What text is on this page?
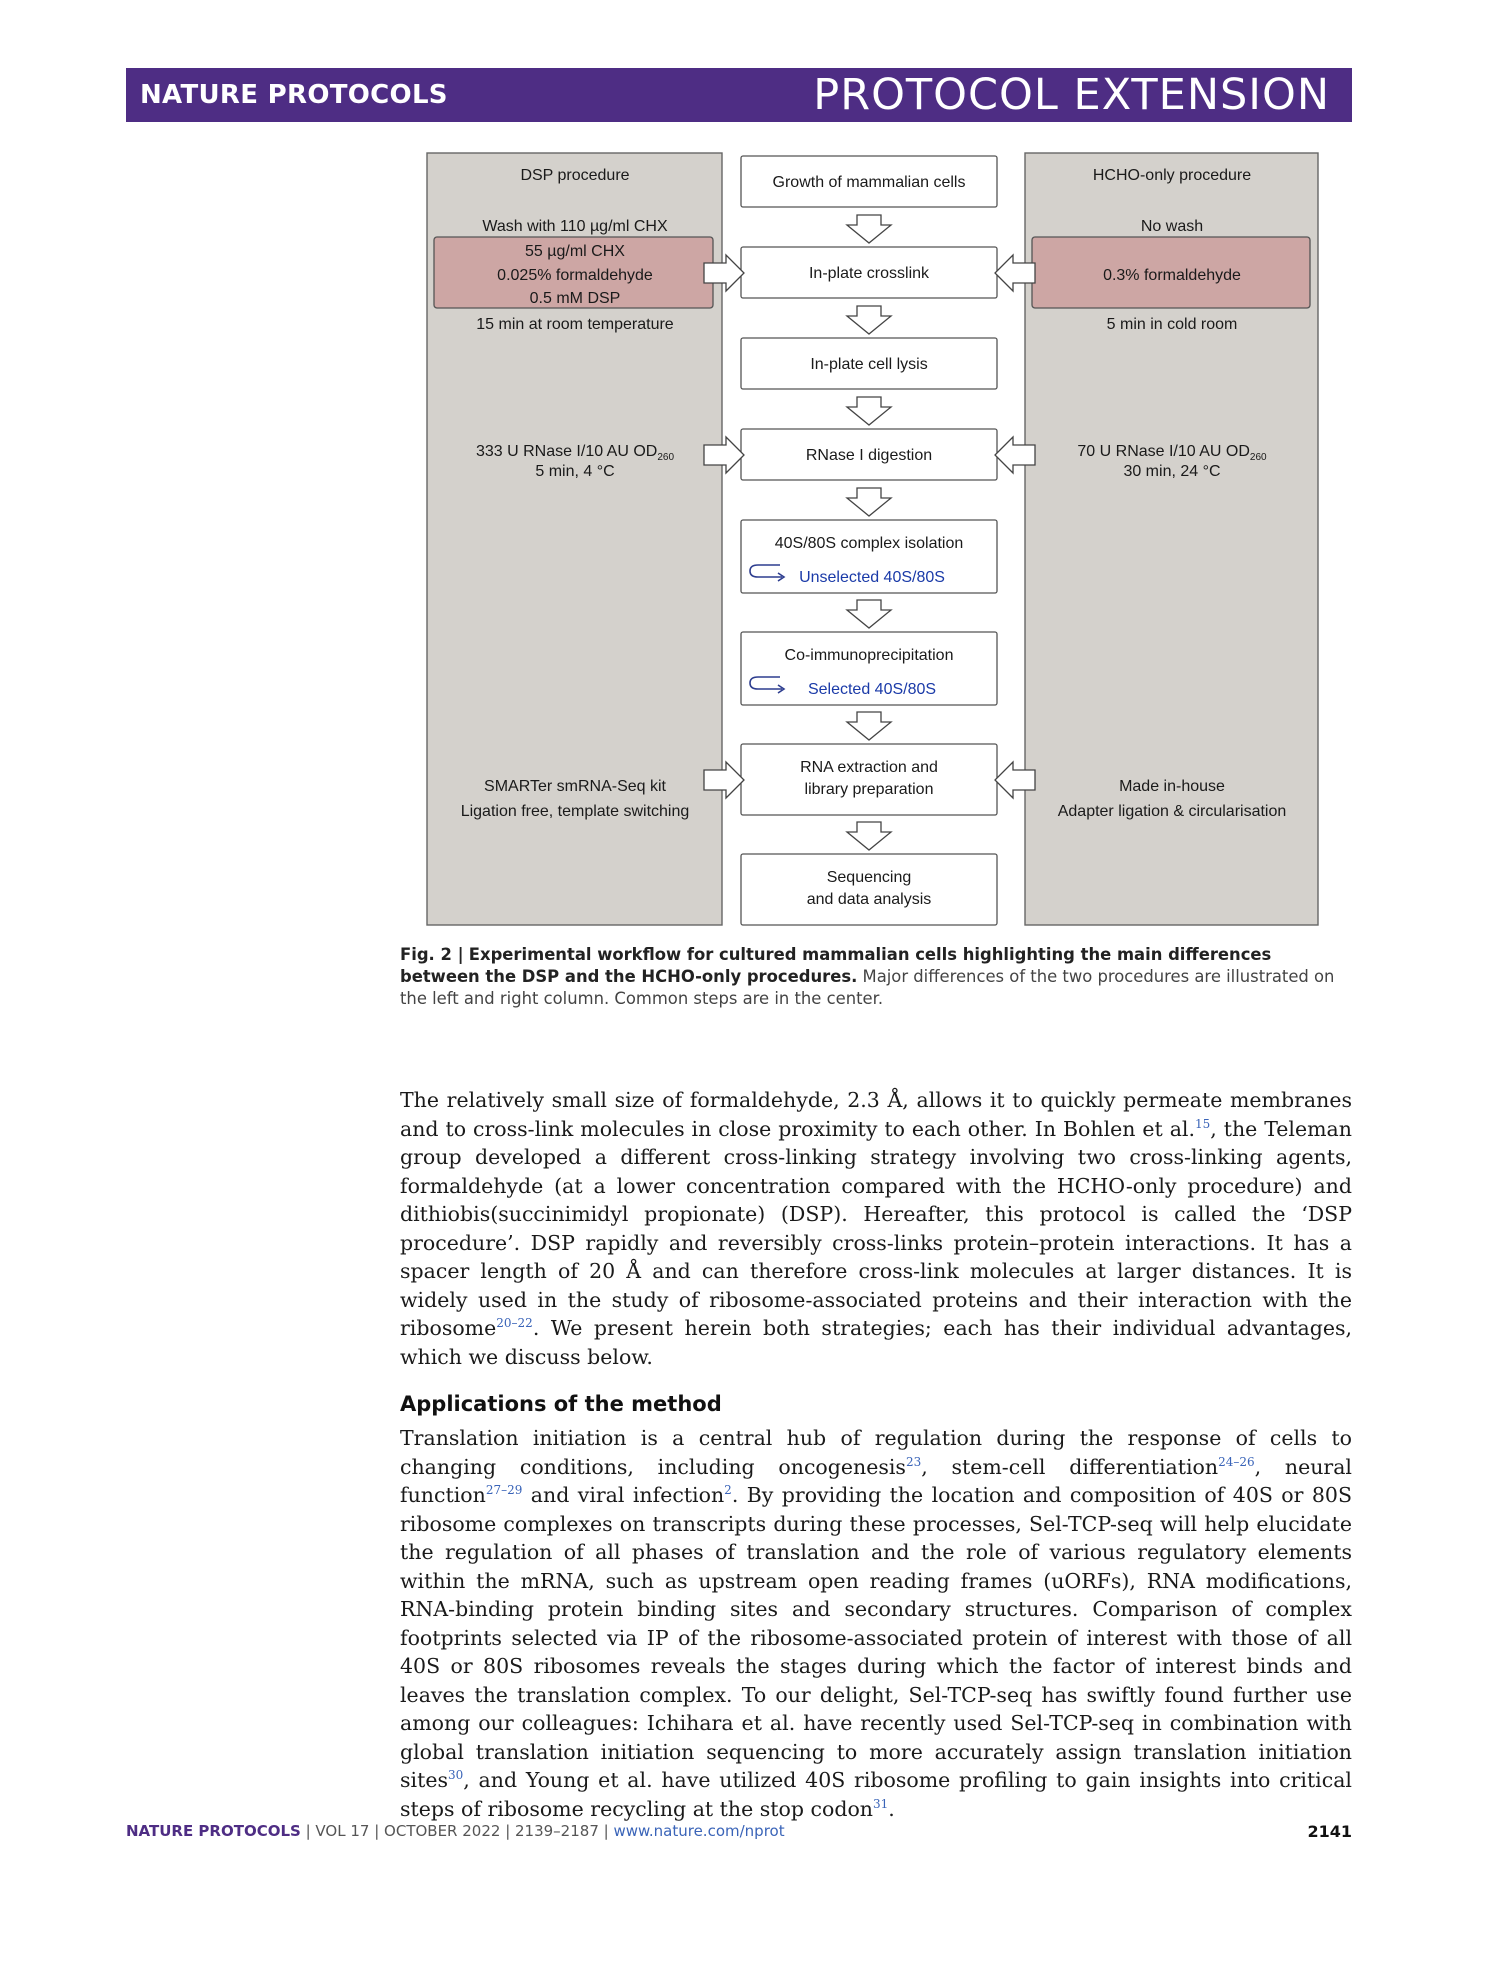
NATURE PROTOCOLS	PROTOCOL EXTENSION
DSP procedure
Wash with 110 µg/ml CHX
55 µg/ml CHX
0.025% formaldehyde
0.5 mM DSP
15 min at room temperature
333 U RNase I/10 AU $OD_{260}$
5 min, 4 °C
SMARTer smRNA-Seq kit
Ligation free, template switching
HCHO-only procedure
No wash
0.3% formaldehyde
5 min in cold room
70 U RNase I/10 AU $OD_{260}$
30 min, 24 °C
Made in-house
Adapter ligation & circularisation
Growth of mammalian cells
In-plate crosslink
In-plate cell lysis
RNase I digestion
40S/80S complex isolation
Unselected 40S/80S
Co-immunoprecipitation
Selected 40S/80S
RNA extraction and
library preparation
Sequencing
and data analysis
Fig. 2 | Experimental workflow for cultured mammalian cells highlighting the main differences between the DSP and the HCHO-only procedures. Major differences of the two procedures are illustrated on the left and right column. Common steps are in the center.
The relatively small size of formaldehyde, 2.3 Å, allows it to quickly permeate membranes and to cross-link molecules in close proximity to each other. In Bohlen et al.$^{15}$, the Teleman group developed a different cross-linking strategy involving two cross-linking agents, formaldehyde (at a lower concentration compared with the HCHO-only procedure) and dithiobis(succinimidyl propionate) (DSP). Hereafter, this protocol is called the ‘DSP procedure’. DSP rapidly and reversibly cross-links protein–protein interactions. It has a spacer length of 20 Å and can therefore cross-link molecules at larger distances. It is widely used in the study of ribosome-associated proteins and their interaction with the ribosome$^{20-22}$. We present herein both strategies; each has their individual advantages, which we discuss below.
Applications of the method
Translation initiation is a central hub of regulation during the response of cells to changing conditions, including oncogenesis$^{23}$, stem-cell differentiation$^{24-26}$, neural function$^{27-29}$ and viral infection$^2$. By providing the location and composition of 40S or 80S ribosome complexes on transcripts during these processes, Sel-TCP-seq will help elucidate the regulation of all phases of translation and the role of various regulatory elements within the mRNA, such as upstream open reading frames (uORFs), RNA modifications, RNA-binding protein binding sites and secondary structures. Comparison of complex footprints selected via IP of the ribosome-associated protein of interest with those of all 40S or 80S ribosomes reveals the stages during which the factor of interest binds and leaves the translation complex. To our delight, Sel-TCP-seq has swiftly found further use among our colleagues: Ichihara et al. have recently used Sel-TCP-seq in combination with global translation initiation sequencing to more accurately assign translation initiation sites$^{30}$, and Young et al. have utilized 40S ribosome profiling to gain insights into critical steps of ribosome recycling at the stop codon$^{31}$.
NATURE PROTOCOLS | VOL 17 | OCTOBER 2022 | 2139–2187 | www.nature.com/nprot	2141
